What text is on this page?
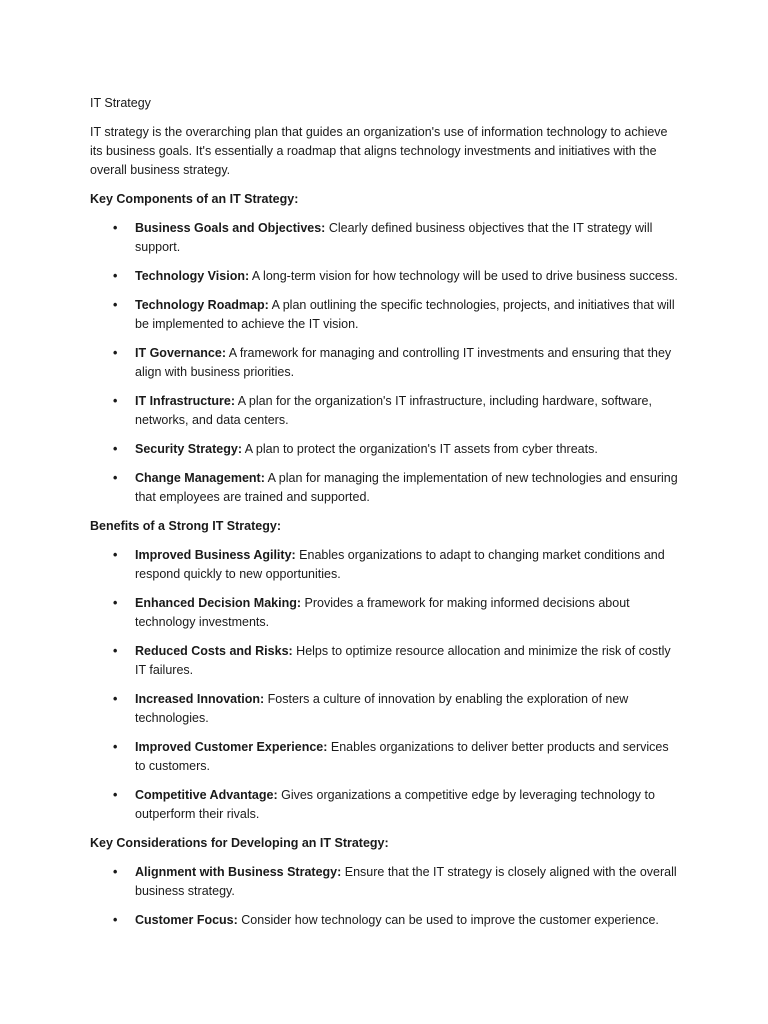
IT Strategy

IT strategy is the overarching plan that guides an organization's use of information technology to achieve its business goals. It's essentially a roadmap that aligns technology investments and initiatives with the overall business strategy.

Key Components of an IT Strategy:

• Business Goals and Objectives: Clearly defined business objectives that the IT strategy will support.
• Technology Vision: A long-term vision for how technology will be used to drive business success.
• Technology Roadmap: A plan outlining the specific technologies, projects, and initiatives that will be implemented to achieve the IT vision.
• IT Governance: A framework for managing and controlling IT investments and ensuring that they align with business priorities.
• IT Infrastructure: A plan for the organization's IT infrastructure, including hardware, software, networks, and data centers.
• Security Strategy: A plan to protect the organization's IT assets from cyber threats.
• Change Management: A plan for managing the implementation of new technologies and ensuring that employees are trained and supported.

Benefits of a Strong IT Strategy:

• Improved Business Agility: Enables organizations to adapt to changing market conditions and respond quickly to new opportunities.
• Enhanced Decision Making: Provides a framework for making informed decisions about technology investments.
• Reduced Costs and Risks: Helps to optimize resource allocation and minimize the risk of costly IT failures.
• Increased Innovation: Fosters a culture of innovation by enabling the exploration of new technologies.
• Improved Customer Experience: Enables organizations to deliver better products and services to customers.
• Competitive Advantage: Gives organizations a competitive edge by leveraging technology to outperform their rivals.

Key Considerations for Developing an IT Strategy:

• Alignment with Business Strategy: Ensure that the IT strategy is closely aligned with the overall business strategy.
• Customer Focus: Consider how technology can be used to improve the customer experience.
